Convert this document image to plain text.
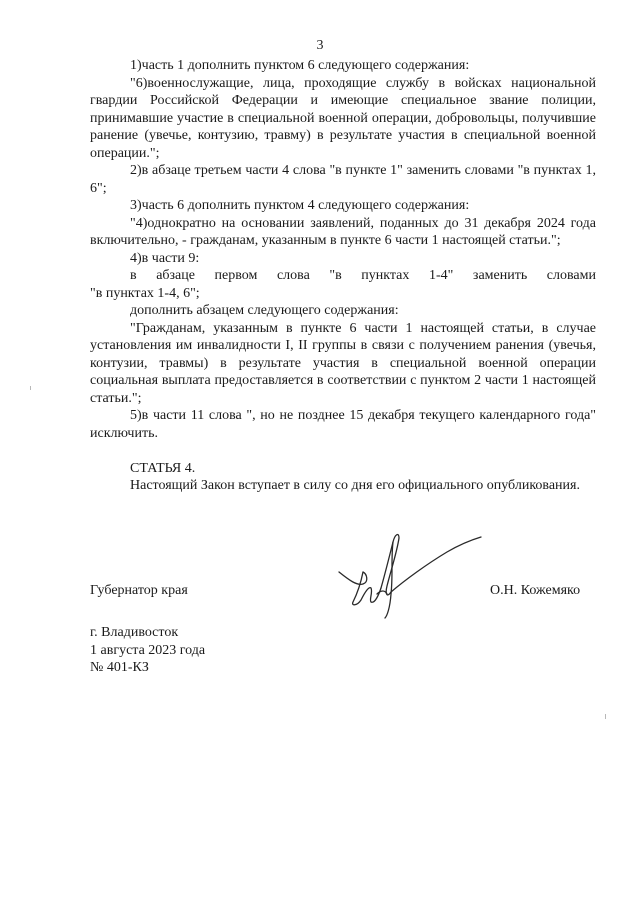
3

1)часть 1 дополнить пунктом 6 следующего содержания:

"6)военнослужащие, лица, проходящие службу в войсках национальной гвардии Российской Федерации и имеющие специальное звание полиции, принимавшие участие в специальной военной операции, добровольцы, получившие ранение (увечье, контузию, травму) в результате участия в специальной военной операции.";

2)в абзаце третьем части 4 слова "в пункте 1" заменить словами "в пунктах 1, 6";

3)часть 6 дополнить пунктом 4 следующего содержания:

"4)однократно на основании заявлений, поданных до 31 декабря 2024 года включительно, - гражданам, указанным в пункте 6 части 1 настоящей статьи.";

4)в части 9:

в абзаце первом слова "в пунктах 1-4" заменить словами

"в пунктах 1-4, 6";

дополнить абзацем следующего содержания:

"Гражданам, указанным в пункте 6 части 1 настоящей статьи, в случае установления им инвалидности I, II группы в связи с получением ранения (увечья, контузии, травмы) в результате участия в специальной военной операции социальная выплата предоставляется в соответствии с пунктом 2 части 1 настоящей статьи.";

5)в части 11 слова ", но не позднее 15 декабря текущего календарного года" исключить.

СТАТЬЯ 4.

Настоящий Закон вступает в силу со дня его официального опубликования.

Губернатор края	О.Н. Кожемяко
г. Владивосток
1 августа 2023 года
№ 401-КЗ
